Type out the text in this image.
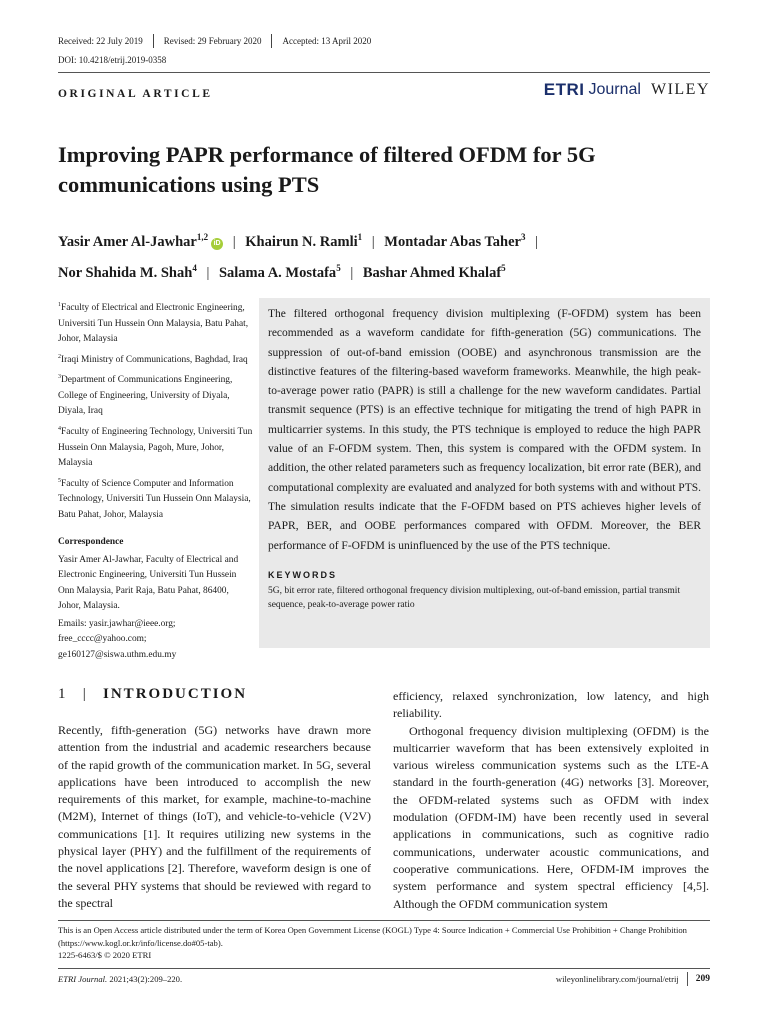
Received: 22 July 2019 Revised: 29 February 2020 Accepted: 13 April 2020
DOI: 10.4218/etrij.2019-0358
ORIGINAL ARTICLE	ETRI Journal WILEY
Improving PAPR performance of filtered OFDM for 5G communications using PTS
Yasir Amer Al-Jawhar$^{1,2}$iD | Khairun N. Ramli$^1$ | Montadar Abas Taher$^3$ |
Nor Shahida M. Shah$^4$ | Salama A. Mostafa$^5$ | Bashar Ahmed Khalaf$^5$

$^1$Faculty of Electrical and Electronic Engineering, Universiti Tun Hussein Onn Malaysia, Batu Pahat, Johor, Malaysia

$^2$Iraqi Ministry of Communications, Baghdad, Iraq

$^3$Department of Communications Engineering, College of Engineering, University of Diyala, Diyala, Iraq

$^4$Faculty of Engineering Technology, Universiti Tun Hussein Onn Malaysia, Pagoh, Mure, Johor, Malaysia

$^5$Faculty of Science Computer and Information Technology, Universiti Tun Hussein Onn Malaysia, Batu Pahat, Johor, Malaysia

Correspondence

Yasir Amer Al-Jawhar, Faculty of Electrical and Electronic Engineering, Universiti Tun Hussein Onn Malaysia, Parit Raja, Batu Pahat, 86400, Johor, Malaysia.

Emails: yasir.jawhar@ieee.org; free_cccc@yahoo.com; ge160127@siswa.uthm.edu.my

The filtered orthogonal frequency division multiplexing (F-OFDM) system has been recommended as a waveform candidate for fifth-generation (5G) communications. The suppression of out-of-band emission (OOBE) and asynchronous transmission are the distinctive features of the filtering-based waveform frameworks. Meanwhile, the high peak-to-average power ratio (PAPR) is still a challenge for the new waveform candidates. Partial transmit sequence (PTS) is an effective technique for mitigating the trend of high PAPR in multicarrier systems. In this study, the PTS technique is employed to reduce the high PAPR value of an F-OFDM system. Then, this system is compared with the OFDM system. In addition, the other related parameters such as frequency localization, bit error rate (BER), and computational complexity are evaluated and analyzed for both systems with and without PTS. The simulation results indicate that the F-OFDM based on PTS achieves higher levels of PAPR, BER, and OOBE performances compared with OFDM. Moreover, the BER performance of F-OFDM is uninfluenced by the use of the PTS technique.

KEYWORDS

5G, bit error rate, filtered orthogonal frequency division multiplexing, out-of-band emission, partial transmit sequence, peak-to-average power ratio

1 | INTRODUCTION

Recently, fifth-generation (5G) networks have drawn more attention from the industrial and academic researchers because of the rapid growth of the communication market. In 5G, several applications have been introduced to accomplish the new requirements of this market, for example, machine-to-machine (M2M), Internet of things (IoT), and vehicle-to-vehicle (V2V) communications [1]. It requires utilizing new systems in the physical layer (PHY) and the fulfillment of the requirements of the novel applications [2]. Therefore, waveform design is one of the several PHY systems that should be reviewed with regard to the spectral

efficiency, relaxed synchronization, low latency, and high reliability.

Orthogonal frequency division multiplexing (OFDM) is the multicarrier waveform that has been extensively exploited in various wireless communication systems such as the LTE-A standard in the fourth-generation (4G) networks [3]. Moreover, the OFDM-related systems such as OFDM with index modulation (OFDM-IM) have been recently used in several applications in communications, such as cognitive radio communications, underwater acoustic communications, and cooperative communications. Here, OFDM-IM improves the system performance and system spectral efficiency [4,5]. Although the OFDM communication system

This is an Open Access article distributed under the term of Korea Open Government License (KOGL) Type 4: Source Indication + Commercial Use Prohibition + Change Prohibition (https://www.kogl.or.kr/info/license.do#05-tab).

1225-6463/$ © 2020 ETRI

ETRI Journal. 2021;43(2):209–220.	wileyonlinelibrary.com/journal/etrij 209
